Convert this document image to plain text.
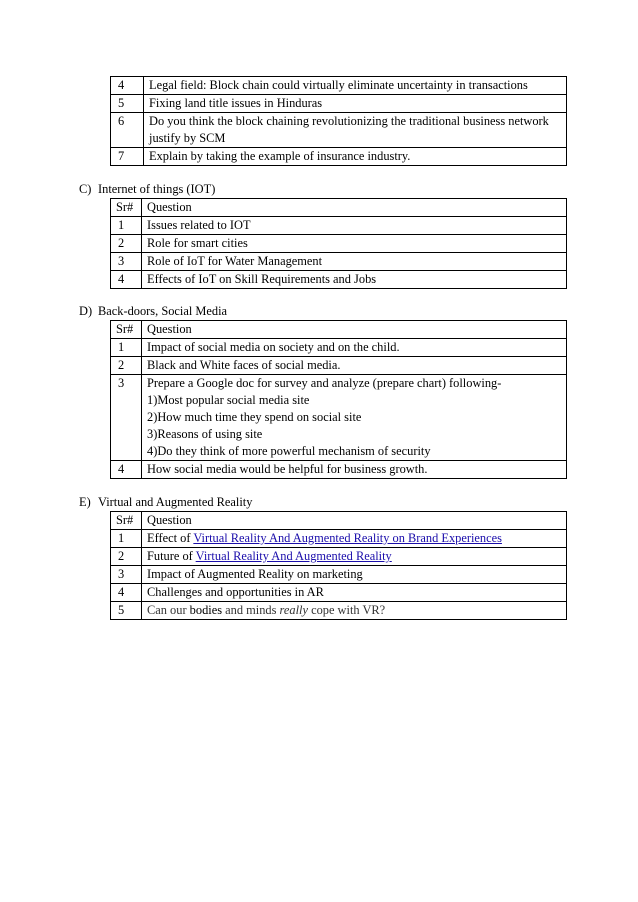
4	Legal field: Block chain could virtually eliminate uncertainty in transactions
5	Fixing land title issues in Hinduras
6	Do you think the block chaining revolutionizing the traditional business network
justify by SCM

7	Explain by taking the example of insurance industry.
C) Internet of things (IOT)
Sr#	Question
1	Issues related to IOT
2	Role for smart cities
3	Role of IoT for Water Management
4	Effects of IoT on Skill Requirements and Jobs
D) Back-doors, Social Media
Sr#	Question
1	Impact of social media on society and on the child.
2	Black and White faces of social media.
3	Prepare a Google doc for survey and analyze (prepare chart) following-
1)Most popular social media site
2)How much time they spend on social site
3)Reasons of using site
4)Do they think of more powerful mechanism of security

4	How social media would be helpful for business growth.
E) Virtual and Augmented Reality
Sr#	Question
1	Effect of Virtual Reality And Augmented Reality on Brand Experiences
2	Future of Virtual Reality And Augmented Reality
3	Impact of Augmented Reality on marketing
4	Challenges and opportunities in AR
5	Can our bodies and minds really cope with VR?
